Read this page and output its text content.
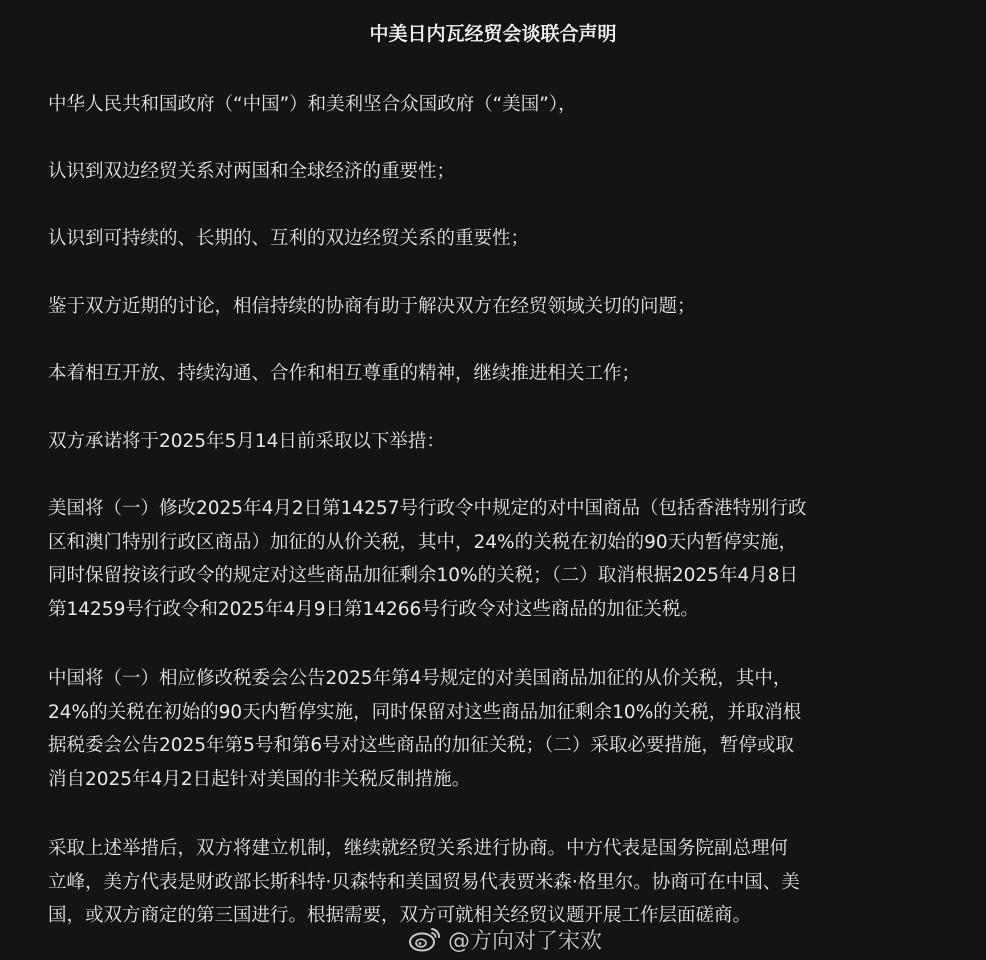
中美日内瓦经贸会谈联合声明
中华人民共和国政府（“中国”）和美利坚合众国政府（“美国”），
认识到双边经贸关系对两国和全球经济的重要性；
认识到可持续的、长期的、互利的双边经贸关系的重要性；
鉴于双方近期的讨论，相信持续的协商有助于解决双方在经贸领域关切的问题；
本着相互开放、持续沟通、合作和相互尊重的精神，继续推进相关工作；
双方承诺将于2025年5月14日前采取以下举措：
美国将（一）修改2025年4月2日第14257号行政令中规定的对中国商品（包括香港特别行政
区和澳门特别行政区商品）加征的从价关税，其中，24%的关税在初始的90天内暂停实施，
同时保留按该行政令的规定对这些商品加征剩余10%的关税；（二）取消根据2025年4月8日
第14259号行政令和2025年4月9日第14266号行政令对这些商品的加征关税。
中国将（一）相应修改税委会公告2025年第4号规定的对美国商品加征的从价关税，其中，
24%的关税在初始的90天内暂停实施，同时保留对这些商品加征剩余10%的关税，并取消根
据税委会公告2025年第5号和第6号对这些商品的加征关税；（二）采取必要措施，暂停或取
消自2025年4月2日起针对美国的非关税反制措施。
采取上述举措后，双方将建立机制，继续就经贸关系进行协商。中方代表是国务院副总理何
立峰，美方代表是财政部长斯科特·贝森特和美国贸易代表贾米森·格里尔。协商可在中国、美
国，或双方商定的第三国进行。根据需要，双方可就相关经贸议题开展工作层面磋商。
@方向对了宋欢
